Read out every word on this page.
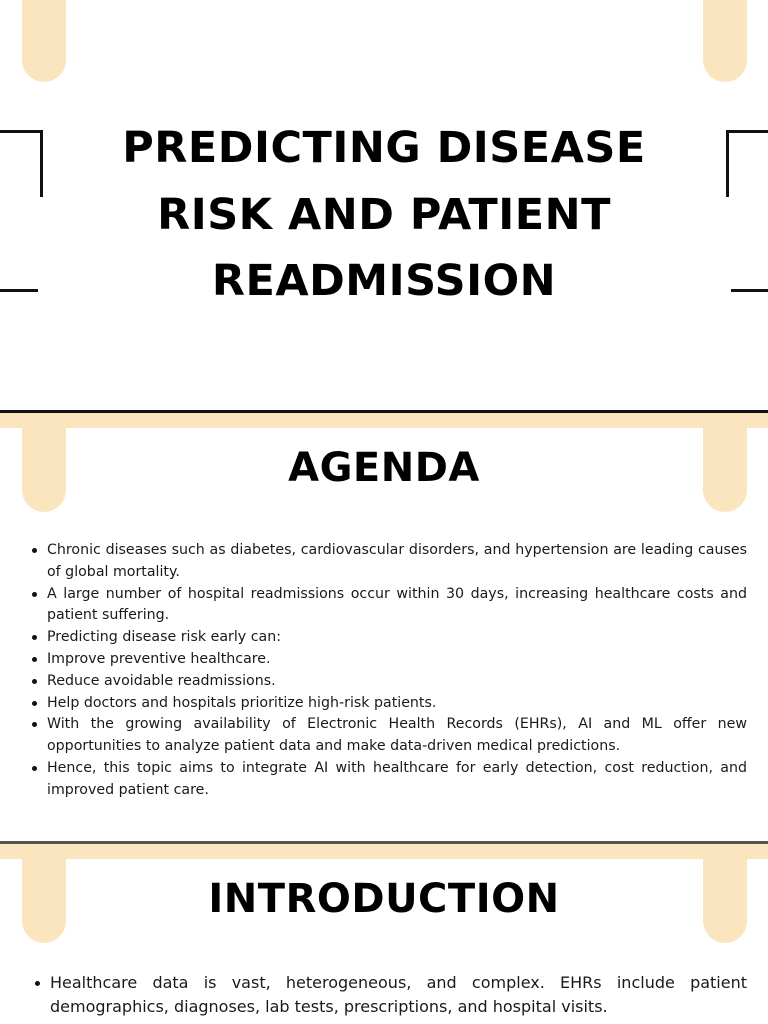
PREDICTING DISEASE
RISK AND PATIENT
READMISSION
AGENDA
Chronic diseases such as diabetes, cardiovascular disorders, and hypertension are leading causes of global mortality.
A large number of hospital readmissions occur within 30 days, increasing healthcare costs and patient suffering.
Predicting disease risk early can:
Improve preventive healthcare.
Reduce avoidable readmissions.
Help doctors and hospitals prioritize high-risk patients.
With the growing availability of Electronic Health Records (EHRs), AI and ML offer new opportunities to analyze patient data and make data-driven medical predictions.
Hence, this topic aims to integrate AI with healthcare for early detection, cost reduction, and improved patient care.
INTRODUCTION
Healthcare data is vast, heterogeneous, and complex. EHRs include patient demographics, diagnoses, lab tests, prescriptions, and hospital visits.
